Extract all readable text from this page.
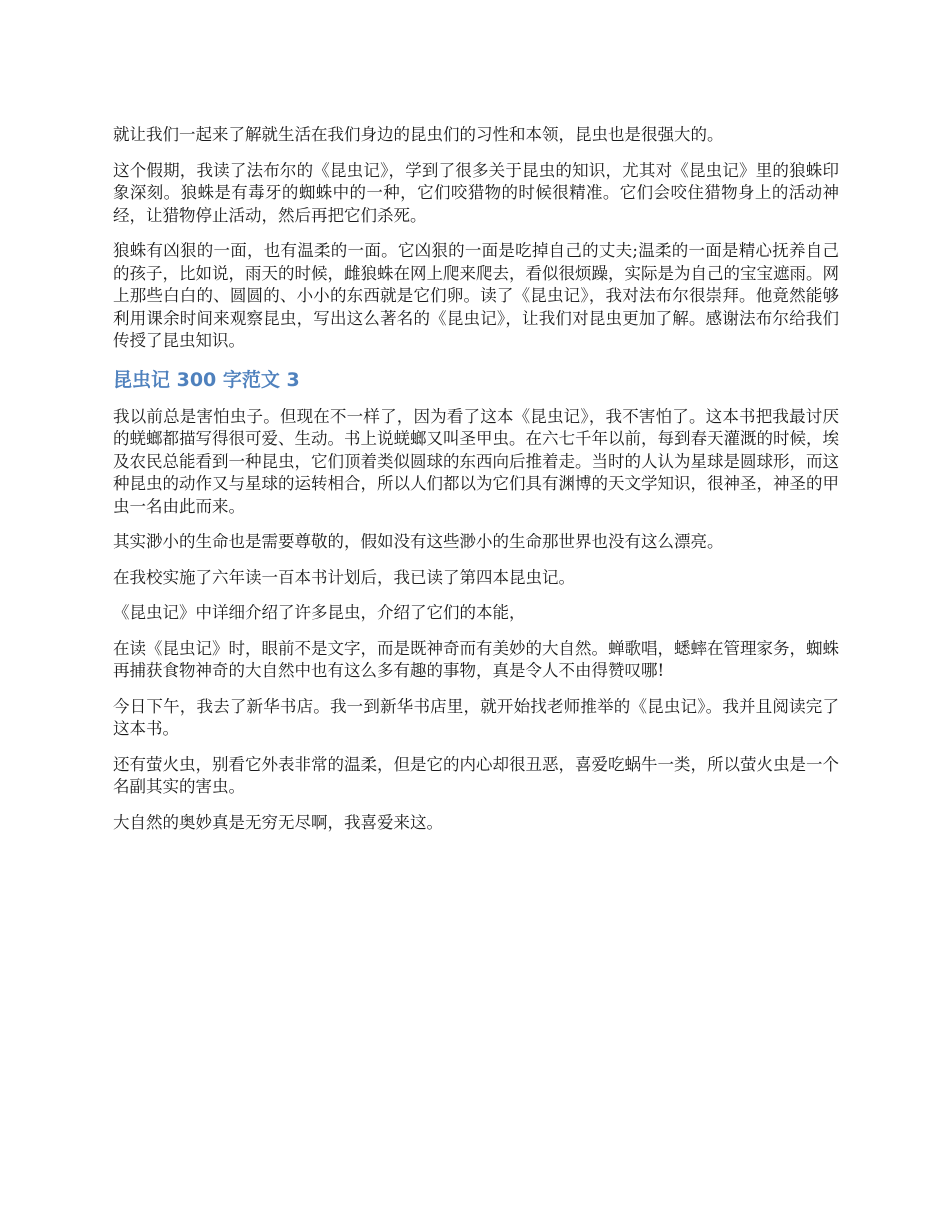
就让我们一起来了解就生活在我们身边的昆虫们的习性和本领，昆虫也是很强大的。

这个假期，我读了法布尔的《昆虫记》，学到了很多关于昆虫的知识，尤其对《昆虫记》里的狼蛛印象深刻。狼蛛是有毒牙的蜘蛛中的一种，它们咬猎物的时候很精准。它们会咬住猎物身上的活动神经，让猎物停止活动，然后再把它们杀死。

狼蛛有凶狠的一面，也有温柔的一面。它凶狠的一面是吃掉自己的丈夫;温柔的一面是精心抚养自己的孩子，比如说，雨天的时候，雌狼蛛在网上爬来爬去，看似很烦躁，实际是为自己的宝宝遮雨。网上那些白白的、圆圆的、小小的东西就是它们卵。读了《昆虫记》，我对法布尔很崇拜。他竟然能够利用课余时间来观察昆虫，写出这么著名的《昆虫记》，让我们对昆虫更加了解。感谢法布尔给我们传授了昆虫知识。

昆虫记 300 字范文 3

我以前总是害怕虫子。但现在不一样了，因为看了这本《昆虫记》，我不害怕了。这本书把我最讨厌的蜣螂都描写得很可爱、生动。书上说蜣螂又叫圣甲虫。在六七千年以前，每到春天灌溉的时候，埃及农民总能看到一种昆虫，它们顶着类似圆球的东西向后推着走。当时的人认为星球是圆球形，而这种昆虫的动作又与星球的运转相合，所以人们都以为它们具有渊博的天文学知识，很神圣，神圣的甲虫一名由此而来。

其实渺小的生命也是需要尊敬的，假如没有这些渺小的生命那世界也没有这么漂亮。

在我校实施了六年读一百本书计划后，我已读了第四本昆虫记。

《昆虫记》中详细介绍了许多昆虫，介绍了它们的本能，

在读《昆虫记》时，眼前不是文字，而是既神奇而有美妙的大自然。蝉歌唱，蟋蟀在管理家务，蜘蛛再捕获食物神奇的大自然中也有这么多有趣的事物，真是令人不由得赞叹哪!

今日下午，我去了新华书店。我一到新华书店里，就开始找老师推举的《昆虫记》。我并且阅读完了这本书。

还有萤火虫，别看它外表非常的温柔，但是它的内心却很丑恶，喜爱吃蜗牛一类，所以萤火虫是一个名副其实的害虫。

大自然的奥妙真是无穷无尽啊，我喜爱来这。
